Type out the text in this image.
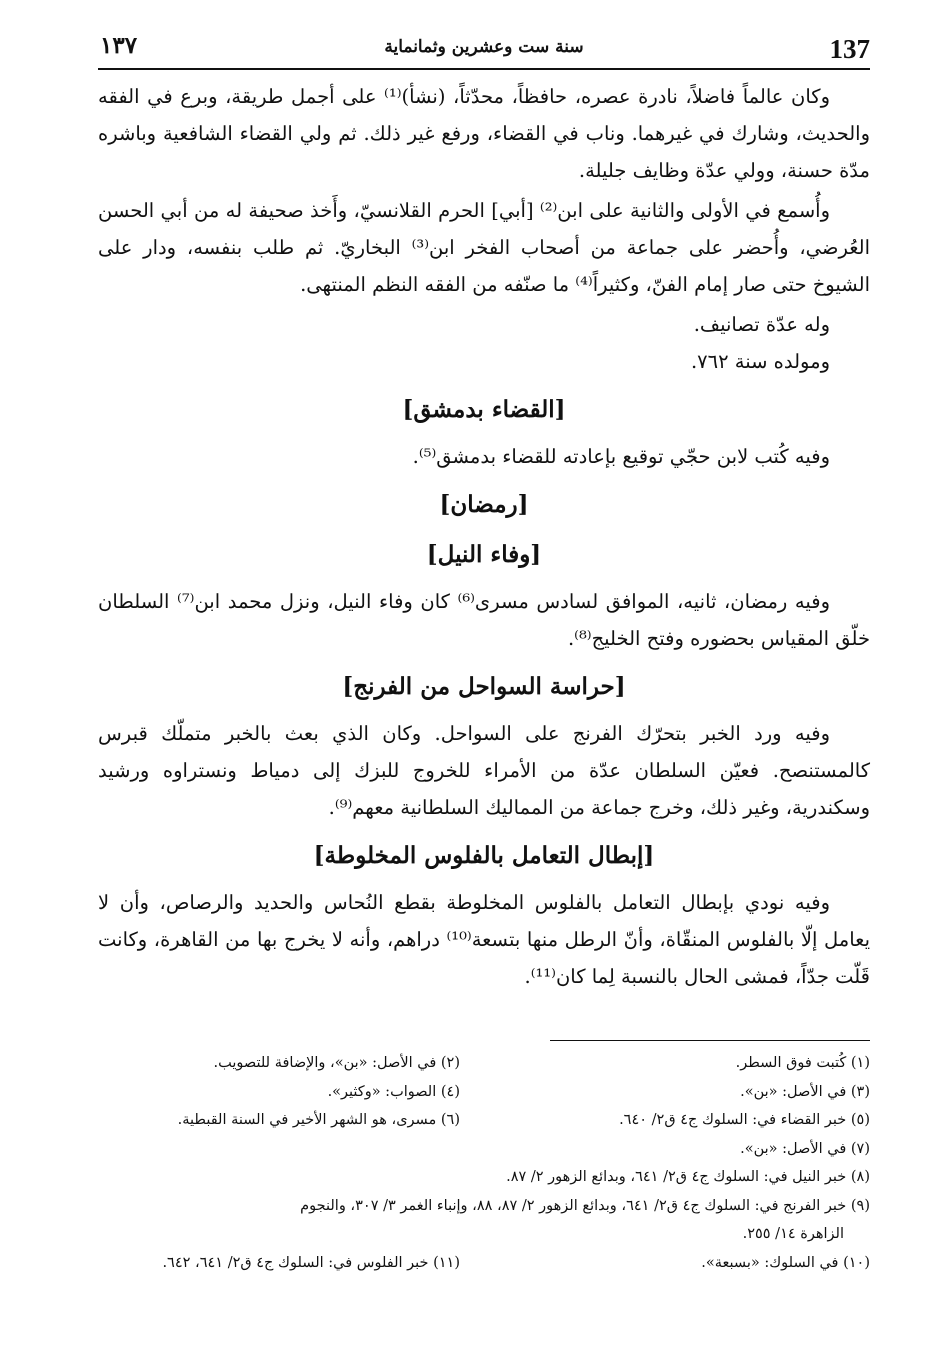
137
سنة ست وعشرين وثمانماية
١٣٧

وكان عالماً فاضلاً، نادرة عصره، حافظاً، محدّثاً، (نشأ)⁽¹⁾ على أجمل طريقة، وبرع في الفقه والحديث، وشارك في غيرهما. وناب في القضاء، ورفع غير ذلك. ثم ولي القضاء الشافعية وباشره مدّة حسنة، وولي عدّة وظايف جليلة.

وأُسمع في الأولى والثانية على ابن⁽²⁾ [أبي] الحرم القلانسيّ، وأَخذ صحيفة له من أبي الحسن العُرضي، وأُحضر على جماعة من أصحاب الفخر ابن⁽³⁾ البخاريّ. ثم طلب بنفسه، ودار على الشيوخ حتى صار إمام الفنّ، وكثيراً⁽⁴⁾ ما صنّفه من الفقه النظم المنتهى.

وله عدّة تصانيف.

ومولده سنة ٧٦٢.

[القضاء بدمشق]

وفيه كُتب لابن حجّي توقيع بإعادته للقضاء بدمشق⁽⁵⁾.

[رمضان]
[وفاء النيل]

وفيه رمضان، ثانيه، الموافق لسادس مسرى⁽⁶⁾ كان وفاء النيل، ونزل محمد ابن⁽⁷⁾ السلطان خلّق المقياس بحضوره وفتح الخليج⁽⁸⁾.

[حراسة السواحل من الفرنج]

وفيه ورد الخبر بتحرّك الفرنج على السواحل. وكان الذي بعث بالخبر متملّك قبرس كالمستنصح. فعيّن السلطان عدّة من الأمراء للخروج للبزك إلى دمياط ونستراوه ورشيد وسكندرية، وغير ذلك، وخرج جماعة من المماليك السلطانية معهم⁽⁹⁾.

[إبطال التعامل بالفلوس المخلوطة]

وفيه نودي بإبطال التعامل بالفلوس المخلوطة بقطع النُحاس والحديد والرصاص، وأن لا يعامل إلّا بالفلوس المنقّاة، وأنّ الرطل منها بتسعة⁽¹⁰⁾ دراهم، وأنه لا يخرج بها من القاهرة، وكانت قَلّت جدّاً، فمشى الحال بالنسبة لِما كان⁽¹¹⁾.

(١) كُتبت فوق السطر.
(٢) في الأصل: «بن»، والإضافة للتصويب.
(٣) في الأصل: «بن».
(٤) الصواب: «وكثير».
(٥) خبر القضاء في: السلوك ج٤ ق٢/ ٦٤٠.
(٦) مسرى، هو الشهر الأخير في السنة القبطية.
(٧) في الأصل: «بن».
(٨) خبر النيل في: السلوك ج٤ ق٢/ ٦٤١، وبدائع الزهور ٢/ ٨٧.
(٩) خبر الفرنج في: السلوك ج٤ ق٢/ ٦٤١، وبدائع الزهور ٢/ ٨٧، ٨٨، وإنباء الغمر ٣/ ٣٠٧، والنجوم
الزاهرة ١٤/ ٢٥٥.
(١٠) في السلوك: «بسبعة».
(١١) خبر الفلوس في: السلوك ج٤ ق٢/ ٦٤١، ٦٤٢.
